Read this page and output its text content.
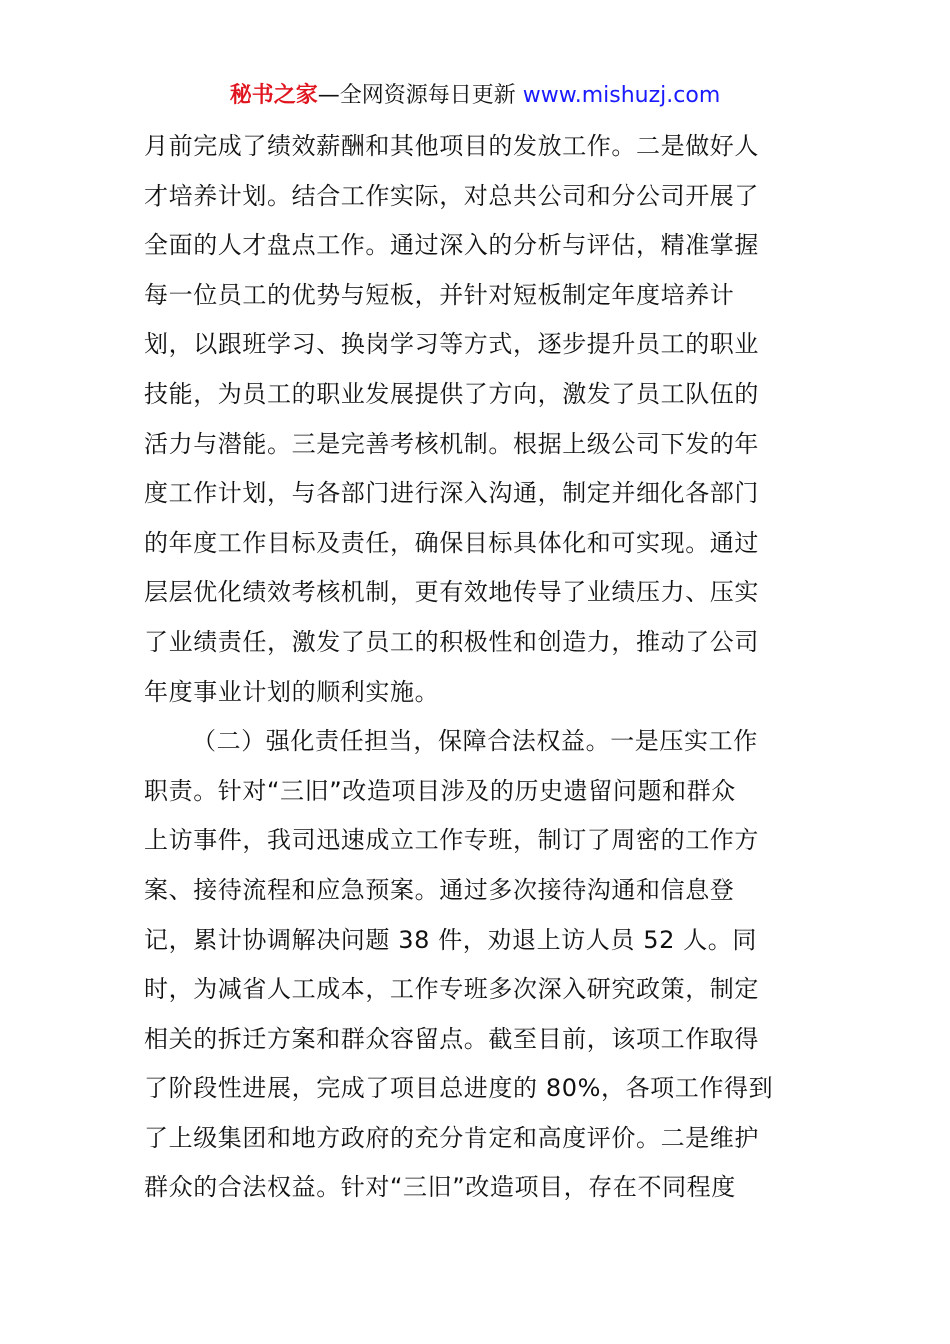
秘书之家—全网资源每日更新 www.mishuzj.com
月前完成了绩效薪酬和其他项目的发放工作。二是做好人
才培养计划。结合工作实际，对总共公司和分公司开展了
全面的人才盘点工作。通过深入的分析与评估，精准掌握
每一位员工的优势与短板，并针对短板制定年度培养计
划，以跟班学习、换岗学习等方式，逐步提升员工的职业
技能，为员工的职业发展提供了方向，激发了员工队伍的
活力与潜能。三是完善考核机制。根据上级公司下发的年
度工作计划，与各部门进行深入沟通，制定并细化各部门
的年度工作目标及责任，确保目标具体化和可实现。通过
层层优化绩效考核机制，更有效地传导了业绩压力、压实
了业绩责任，激发了员工的积极性和创造力，推动了公司
年度事业计划的顺利实施。
（二）强化责任担当，保障合法权益。一是压实工作
职责。针对“三旧”改造项目涉及的历史遗留问题和群众
上访事件，我司迅速成立工作专班，制订了周密的工作方
案、接待流程和应急预案。通过多次接待沟通和信息登
记，累计协调解决问题 38 件，劝退上访人员 52 人。同
时，为减省人工成本，工作专班多次深入研究政策，制定
相关的拆迁方案和群众容留点。截至目前，该项工作取得
了阶段性进展，完成了项目总进度的 80%，各项工作得到
了上级集团和地方政府的充分肯定和高度评价。二是维护
群众的合法权益。针对“三旧”改造项目，存在不同程度
